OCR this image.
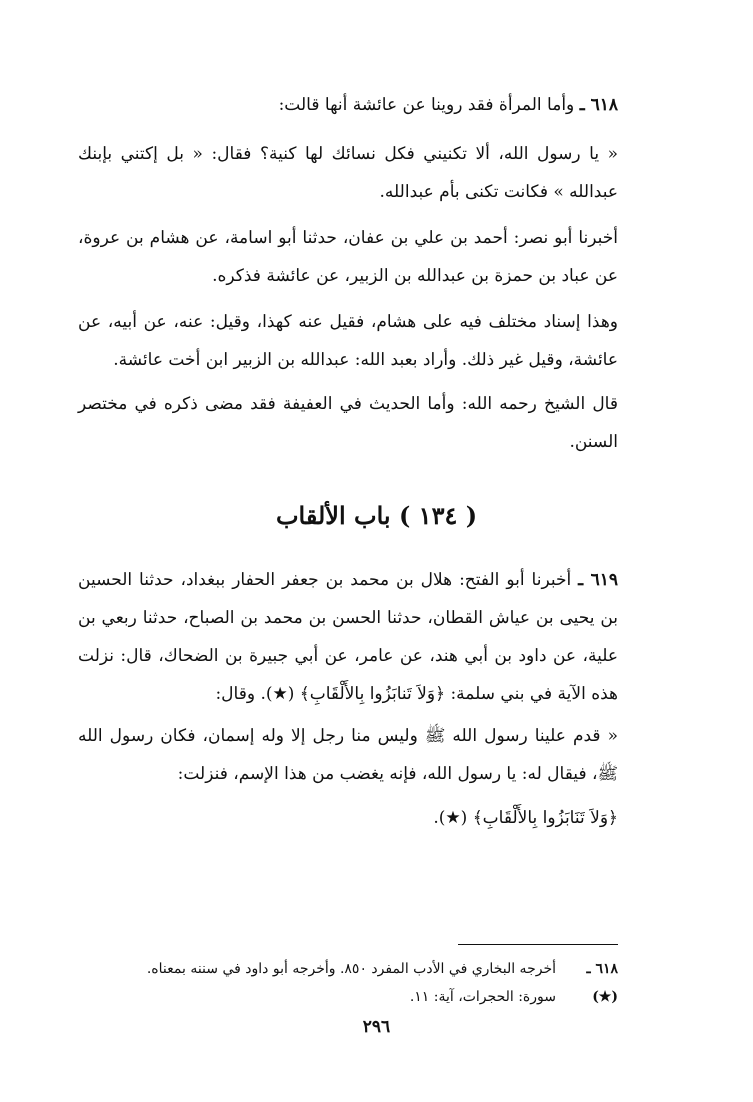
٦١٨ ـ وأما المرأة فقد روينا عن عائشة أنها قالت:

« يا رسول الله، ألا تكنيني فكل نسائك لها كنية؟ فقال: « بل إكتني بإبنك عبدالله » فكانت تكنى بأم عبدالله.

أخبرنا أبو نصر: أحمد بن علي بن عفان، حدثنا أبو اسامة، عن هشام بن عروة، عن عباد بن حمزة بن عبدالله بن الزبير، عن عائشة فذكره.

وهذا إسناد مختلف فيه على هشام، فقيل عنه كهذا، وقيل: عنه، عن أبيه، عن عائشة، وقيل غير ذلك. وأراد بعبد الله: عبدالله بن الزبير ابن أخت عائشة.

قال الشيخ رحمه الله: وأما الحديث في العفيفة فقد مضى ذكره في مختصر السنن.

( ١٣٤ ) باب الألقاب

٦١٩ ـ أخبرنا أبو الفتح: هلال بن محمد بن جعفر الحفار ببغداد، حدثنا الحسين بن يحيى بن عياش القطان، حدثنا الحسن بن محمد بن الصباح، حدثنا ربعي بن علية، عن داود بن أبي هند، عن عامر، عن أبي جبيرة بن الضحاك، قال: نزلت هذه الآية في بني سلمة: ﴿وَلاَ تَنابَزُوا بِالأَلْقَابِ﴾ (★). وقال:

« قدم علينا رسول الله ﷺ وليس منا رجل إلا وله إسمان، فكان رسول الله ﷺ، فيقال له: يا رسول الله، فإنه يغضب من هذا الإسم، فنزلت:

﴿وَلاَ تَنَابَزُوا بِالأَلْقَابِ﴾ (★).

٦١٨ ـأخرجه البخاري في الأدب المفرد ٨٥٠. وأخرجه أبو داود في سننه بمعناه.
(★)سورة: الحجرات، آية: ١١.
٢٩٦
